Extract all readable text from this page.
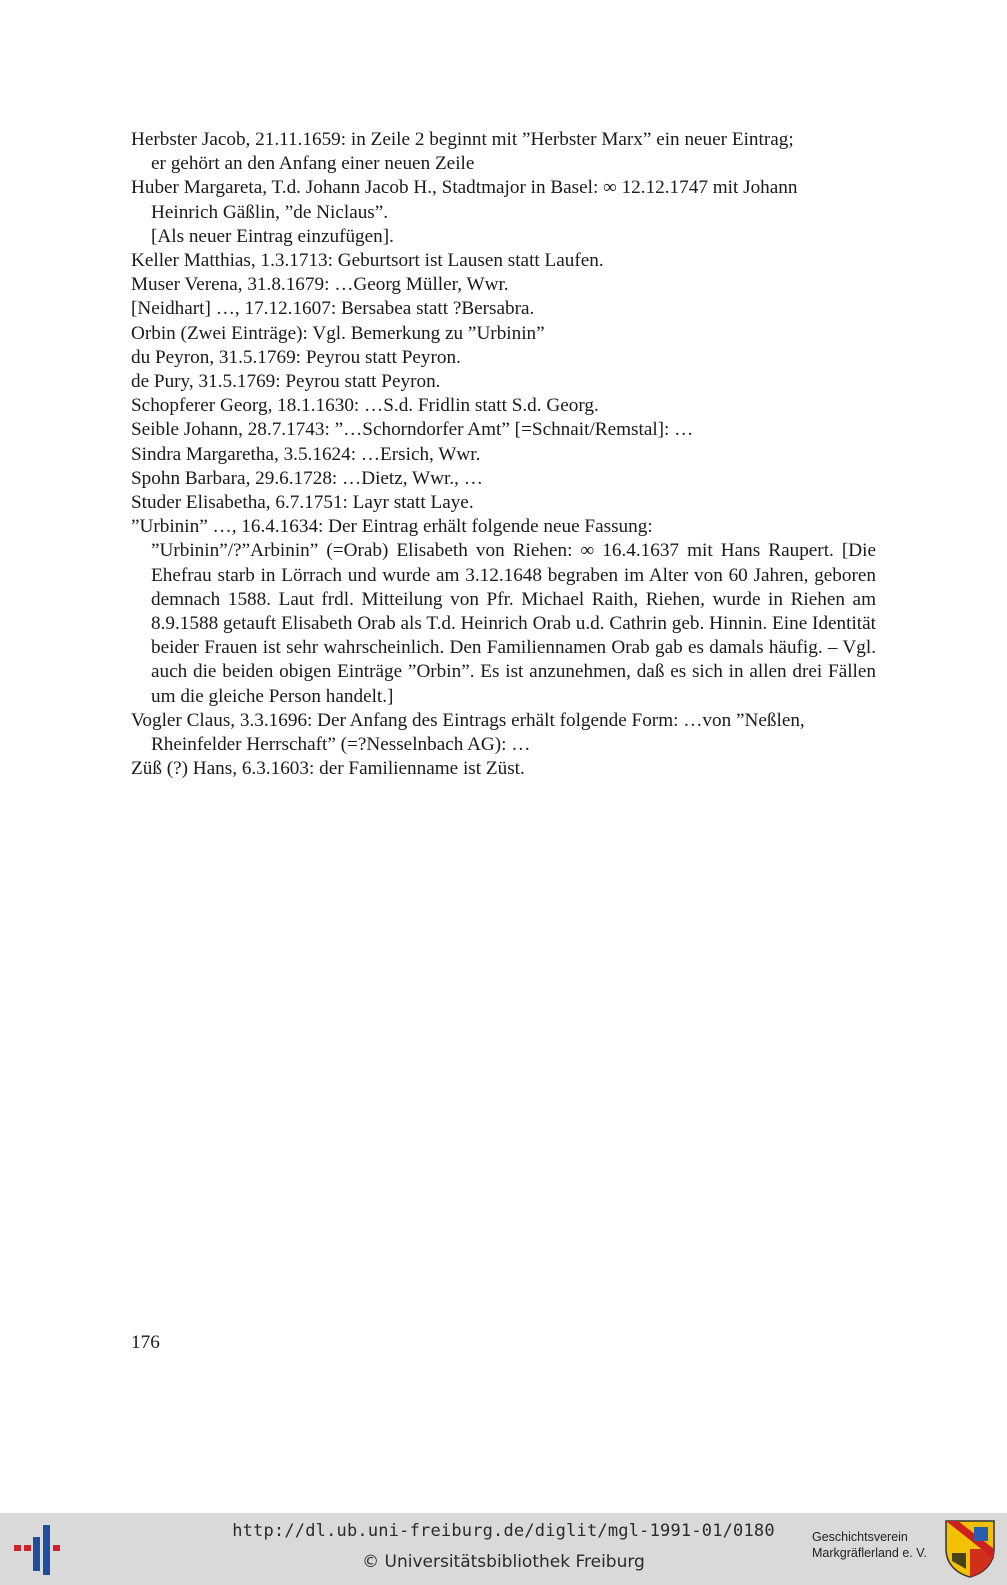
Herbster Jacob, 21.11.1659: in Zeile 2 beginnt mit ”Herbster Marx” ein neuer Eintrag;
er gehört an den Anfang einer neuen Zeile
Huber Margareta, T.d. Johann Jacob H., Stadtmajor in Basel: ∞ 12.12.1747 mit Johann
Heinrich Gäßlin, ”de Niclaus”.
[Als neuer Eintrag einzufügen].
Keller Matthias, 1.3.1713: Geburtsort ist Lausen statt Laufen.
Muser Verena, 31.8.1679: …Georg Müller, Wwr.
[Neidhart] …, 17.12.1607: Bersabea statt ?Bersabra.
Orbin (Zwei Einträge): Vgl. Bemerkung zu ”Urbinin”
du Peyron, 31.5.1769: Peyrou statt Peyron.
de Pury, 31.5.1769: Peyrou statt Peyron.
Schopferer Georg, 18.1.1630: …S.d. Fridlin statt S.d. Georg.
Seible Johann, 28.7.1743: ”…Schorndorfer Amt” [=Schnait/Remstal]: …
Sindra Margaretha, 3.5.1624: …Ersich, Wwr.
Spohn Barbara, 29.6.1728: …Dietz, Wwr., …
Studer Elisabetha, 6.7.1751: Layr statt Laye.
”Urbinin” …, 16.4.1634: Der Eintrag erhält folgende neue Fassung:
”Urbinin”/?”Arbinin” (=Orab) Elisabeth von Riehen: ∞ 16.4.1637 mit Hans Raupert. [Die Ehefrau starb in Lörrach und wurde am 3.12.1648 begraben im Alter von 60 Jahren, geboren demnach 1588. Laut frdl. Mitteilung von Pfr. Michael Raith, Riehen, wurde in Riehen am 8.9.1588 getauft Elisabeth Orab als T.d. Heinrich Orab u.d. Cathrin geb. Hinnin. Eine Identität beider Frauen ist sehr wahrscheinlich. Den Familiennamen Orab gab es damals häufig. – Vgl. auch die beiden obigen Einträge ”Orbin”. Es ist anzunehmen, daß es sich in allen drei Fällen um die gleiche Person handelt.]
Vogler Claus, 3.3.1696: Der Anfang des Eintrags erhält folgende Form: …von ”Neßlen,
Rheinfelder Herrschaft” (=?Nesselnbach AG): …
Züß (?) Hans, 6.3.1603: der Familienname ist Züst.
176
http://dl.ub.uni-freiburg.de/diglit/mgl-1991-01/0180
© Universitätsbibliothek Freiburg
Geschichtsverein
Markgräflerland e. V.
